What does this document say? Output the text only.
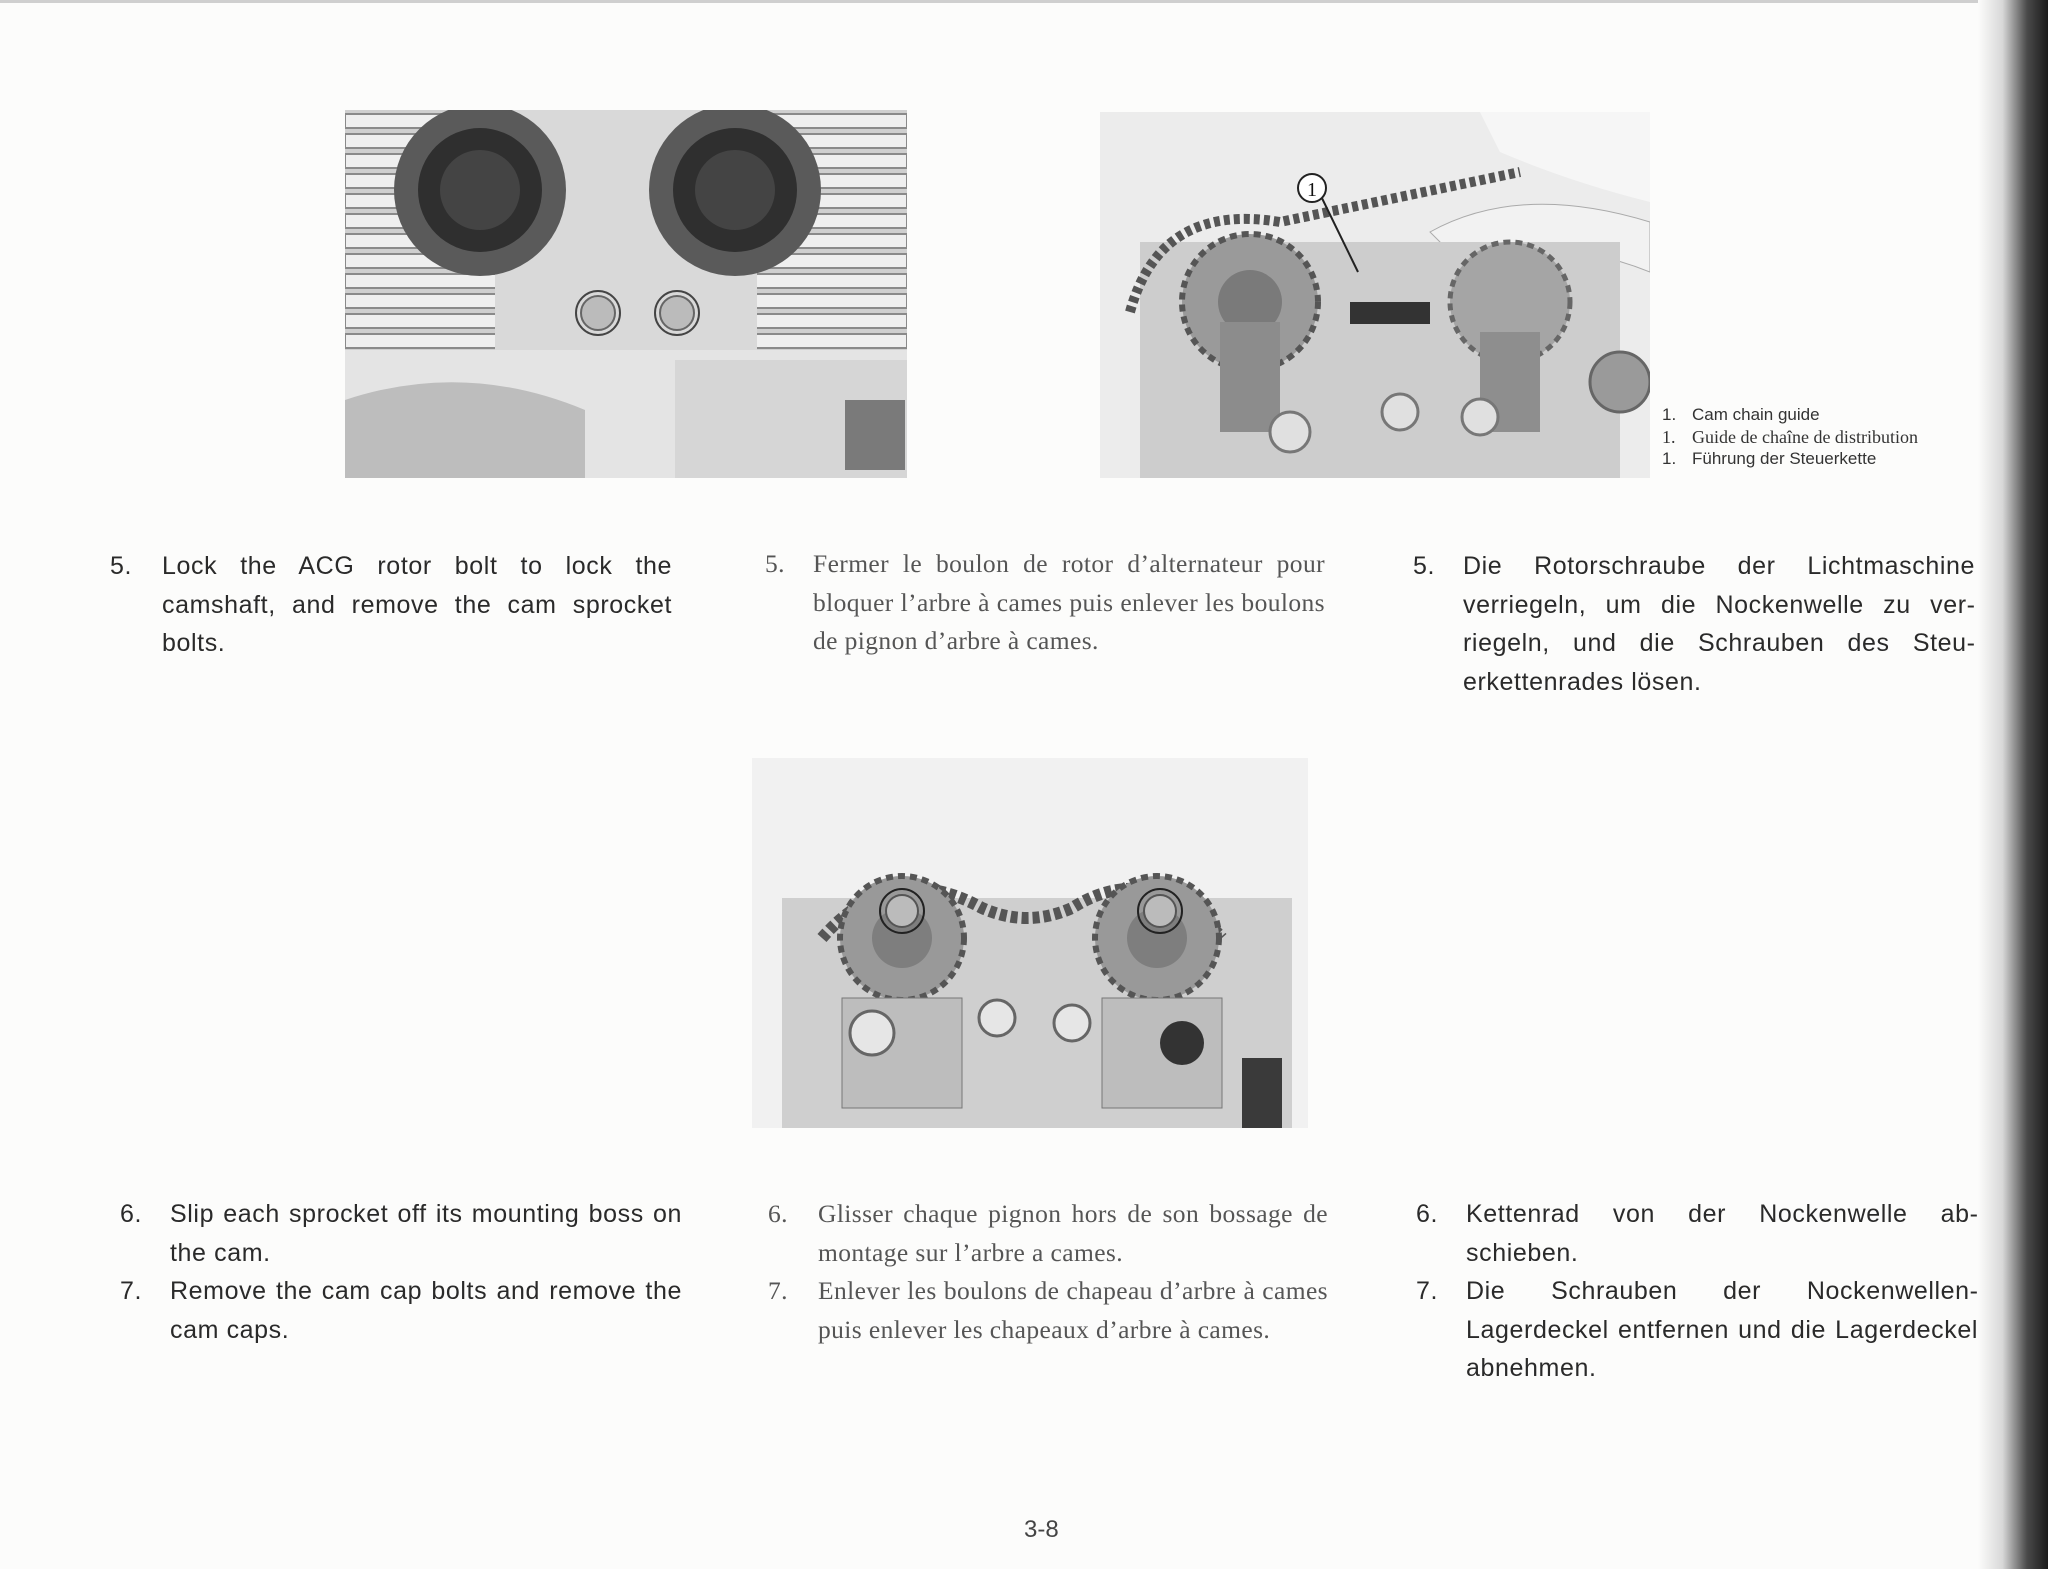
1
1. Cam chain guide
1. Guide de chaîne de distribution
1. Führung der Steuerkette
5.	Lock the ACG rotor bolt to lock the camshaft, and remove the cam sprocket bolts.
5.	Fermer le boulon de rotor d’alternateur pour bloquer l’arbre à cames puis enlever les boulons de pignon d’arbre à cames.
5.	Die Rotorschraube der Lichtmaschine verriegeln, um die Nockenwelle zu verriegeln, und die Schrauben des Steuerkettenrades lösen.
6.	Slip each sprocket off its mounting boss on the cam.
7.	Remove the cam cap bolts and remove the cam caps.
6.	Glisser chaque pignon hors de son bossage de montage sur l’arbre a cames.
7.	Enlever les boulons de chapeau d’arbre à cames puis enlever les chapeaux d’arbre à cames.
6.	Kettenrad von der Nockenwelle abschieben.
7.	Die Schrauben der NockenwellenLagerdeckel entfernen und die Lagerdeckel abnehmen.
3-8
